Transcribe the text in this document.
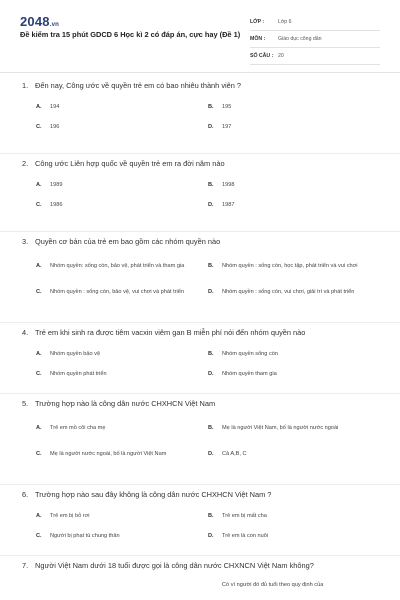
2048.vn
Đề kiểm tra 15 phút GDCD 6 Học kì 2 có đáp án, cực hay (Đề 1)
LỚP :	Lớp 6
MÔN :	Giáo dục công dân
SỐ CÂU : 20
1. Đến nay, Công ước về quyền trẻ em có bao nhiêu thành viên ?
A.	194	B.	195
C.	196	D.	197
2. Công ước Liên hợp quốc về quyền trẻ em ra đời năm nào
A.	1989	B.	1998
C.	1986	D.	1987
3. Quyền cơ bản của trẻ em bao gồm các nhóm quyền nào
A.	Nhóm quyền: sống còn, bảo vệ, phát triển và tham gia	B.	Nhóm quyền : sống còn, học tập, phát triển và vui chơi
C.	Nhóm quyền : sống còn, bảo vệ, vui chơi và phát triển	D.	Nhóm quyền : sống còn, vui chơi, giải trí và phát triển
4. Trẻ em khi sinh ra được tiêm vacxin viêm gan B miễn phí nói đến nhóm quyền nào
A.	Nhóm quyền bảo vệ	B.	Nhóm quyền sống còn
C.	Nhóm quyền phát triển	D.	Nhóm quyền tham gia
5. Trường hợp nào là công dân nước CHXHCN Việt Nam
A.	Trẻ em mồ côi cha mẹ	B.	Mẹ là người Việt Nam, bố là người nước ngoài
C.	Mẹ là người nước ngoài, bố là người Việt Nam	D.	Cả A,B, C
6. Trường hợp nào sau đây không là công dân nước CHXHCN Việt Nam ?
A.	Trẻ em bị bỏ rơi	B.	Trẻ em bị mất cha
C.	Người bị phạt tù chung thân	D.	Trẻ em là con nuôi
7. Người Việt Nam dưới 18 tuổi được gọi là công dân nước CHXNCN Việt Nam không?
Có vì người đó đủ tuổi theo quy định của
